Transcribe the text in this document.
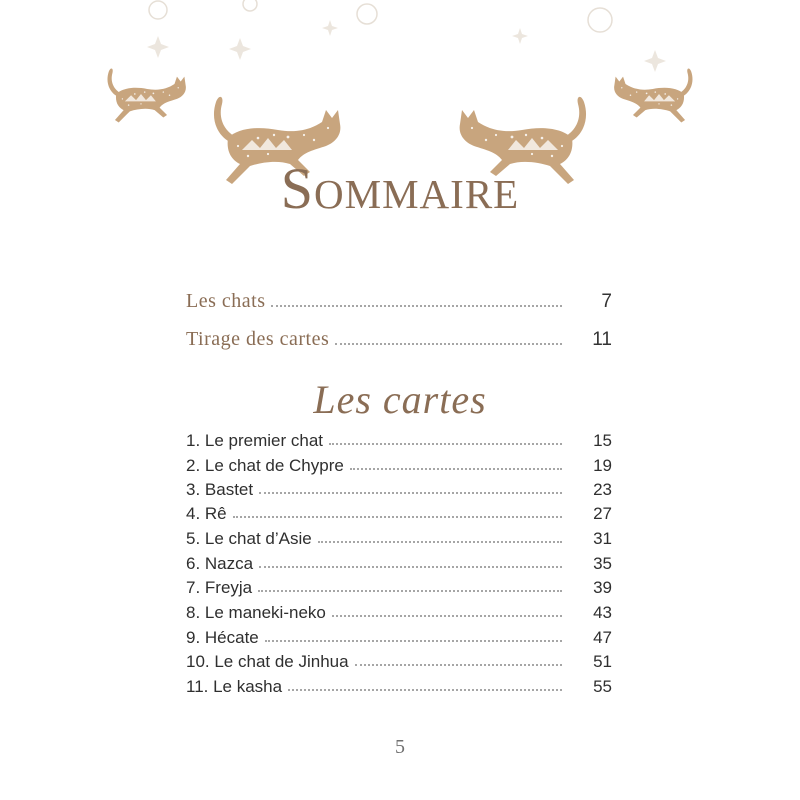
Sommaire
Les chats	7
Tirage des cartes	11
Les cartes
1. Le premier chat	15
2. Le chat de Chypre	19
3. Bastet	23
4. Rê	27
5. Le chat d’Asie	31
6. Nazca	35
7. Freyja	39
8. Le maneki-neko	43
9. Hécate	47
10. Le chat de Jinhua	51
11. Le kasha	55
5
